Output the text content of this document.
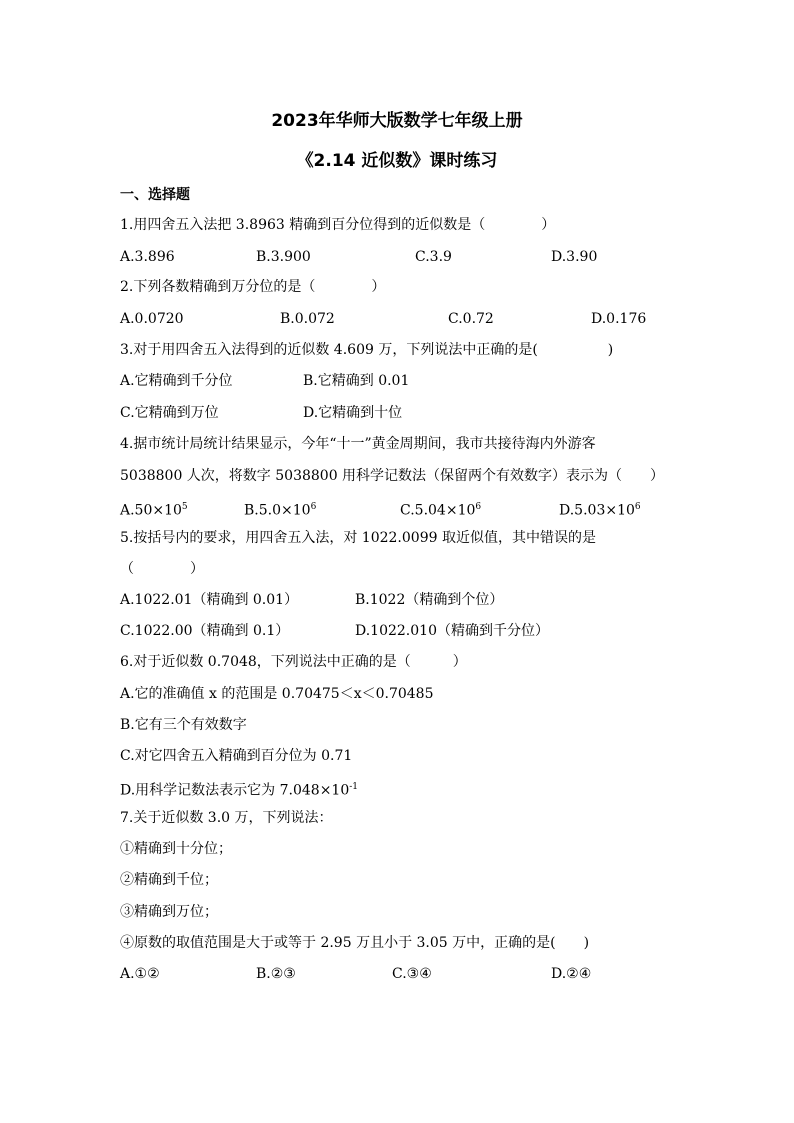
2023年华师大版数学七年级上册
《2.14 近似数》课时练习
一、选择题
1.用四舍五入法把 3.8963 精确到百分位得到的近似数是（　　　　）
A.3.896	B.3.900	C.3.9	D.3.90
2.下列各数精确到万分位的是（　　　　）
A.0.0720	B.0.072	C.0.72	D.0.176
3.对于用四舍五入法得到的近似数 4.609 万，下列说法中正确的是(　　　　　)
A.它精确到千分位	B.它精确到 0.01
C.它精确到万位	D.它精确到十位
4.据市统计局统计结果显示，今年“十一”黄金周期间，我市共接待海内外游客
5038800 人次，将数字 5038800 用科学记数法（保留两个有效数字）表示为（　　）
$A.50\times 10^5$	$B.5.0\times 10^6$	$C.5.04\times 10^6$	$D.5.03\times 10^6$
5.按括号内的要求，用四舍五入法，对 1022.0099 取近似值，其中错误的是
（　　　　）
A.1022.01（精确到 0.01）	B.1022（精确到个位）
C.1022.00（精确到 0.1）	D.1022.010（精确到千分位）
6.对于近似数 0.7048，下列说法中正确的是（　　　）
A.它的准确值 x 的范围是 0.70475＜x＜0.70485
B.它有三个有效数字
C.对它四舍五入精确到百分位为 0.71
D.用科学记数法表示它为 $7.048\times 10^{-1}$
7.关于近似数 3.0 万，下列说法：
①精确到十分位；
②精确到千位；
③精确到万位；
④原数的取值范围是大于或等于 2.95 万且小于 3.05 万中，正确的是(　　)
A.①②	B.②③	C.③④	D.②④
